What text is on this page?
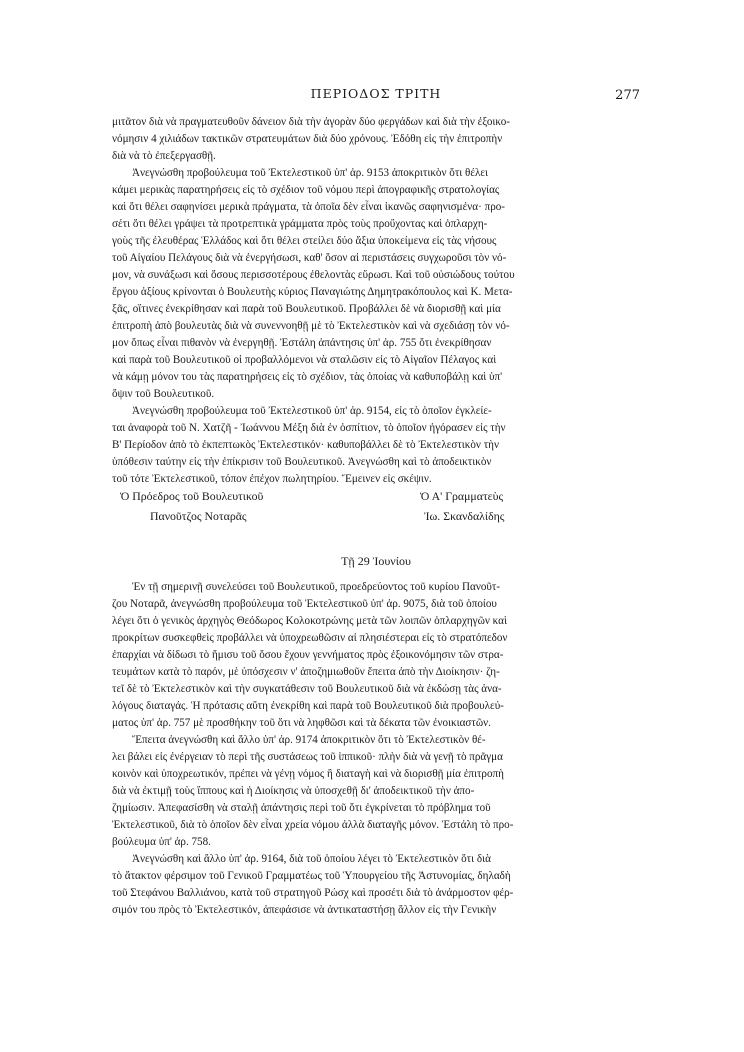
ΠΕΡΙΟΔΟΣ ΤΡΙΤΗ	277
μιτᾶτον διὰ νὰ πραγματευθοῦν δάνειον διὰ τὴν ἀγορὰν δύο φεργάδων καὶ διὰ τὴν ἐξοικο-
νόμησιν 4 χιλιάδων τακτικῶν στρατευμάτων διὰ δύο χρόνους. Ἐδόθη εἰς τὴν ἐπιτροπὴν
διὰ νὰ τὸ ἐπεξεργασθῇ.
Ἀνεγνώσθη προβούλευμα τοῦ Ἐκτελεστικοῦ ὑπ' ἀρ. 9153 ἀποκριτικὸν ὅτι θέλει
κάμει μερικὰς παρατηρήσεις εἰς τὸ σχέδιον τοῦ νόμου περὶ ἀπογραφικῆς στρατολογίας
καὶ ὅτι θέλει σαφηνίσει μερικὰ πράγματα, τὰ ὁποῖα δὲν εἶναι ἱκανῶς σαφηνισμένα· προ-
σέτι ὅτι θέλει γράψει τὰ προτρεπτικὰ γράμματα πρὸς τοὺς προὔχοντας καὶ ὁπλαρχη-
γοὺς τῆς ἐλευθέρας Ἑλλάδος καὶ ὅτι θέλει στείλει δύο ἄξια ὑποκείμενα εἰς τὰς νήσους
τοῦ Αἰγαίου Πελάγους διὰ νὰ ἐνεργήσωσι, καθ' ὅσον αἱ περιστάσεις συγχωροῦσι τὸν νό-
μον, νὰ συνάξωσι καὶ ὅσους περισσοτέρους ἐθελοντὰς εὕρωσι. Καὶ τοῦ οὐσιώδους τούτου
ἔργου ἀξίους κρίνονται ὁ Βουλευτὴς κύριος Παναγιώτης Δημητρακόπουλος καὶ Κ. Μετα-
ξᾶς, οἵτινες ἐνεκρίθησαν καὶ παρὰ τοῦ Βουλευτικοῦ. Προβάλλει δὲ νὰ διορισθῇ καὶ μία
ἐπιτροπὴ ἀπὸ βουλευτὰς διὰ νὰ συνεννοηθῇ μὲ τὸ Ἐκτελεστικὸν καὶ νὰ σχεδιάσῃ τὸν νό-
μον ὅπως εἶναι πιθανὸν νὰ ἐνεργηθῇ. Ἐστάλη ἀπάντησις ὑπ' ἀρ. 755 ὅτι ἐνεκρίθησαν
καὶ παρὰ τοῦ Βουλευτικοῦ οἱ προβαλλόμενοι νὰ σταλῶσιν εἰς τὸ Αἰγαῖον Πέλαγος καὶ
νὰ κάμῃ μόνον του τὰς παρατηρήσεις εἰς τὸ σχέδιον, τὰς ὁποίας νὰ καθυποβάλῃ καὶ ὑπ'
ὄψιν τοῦ Βουλευτικοῦ.
Ἀνεγνώσθη προβούλευμα τοῦ Ἐκτελεστικοῦ ὑπ' ἀρ. 9154, εἰς τὸ ὁποῖον ἐγκλείε-
ται ἀναφορὰ τοῦ Ν. Χατζῆ - Ἰωάννου Μέξη διὰ ἐν ὀσπίτιον, τὸ ὁποῖον ἠγόρασεν εἰς τὴν
Β' Περίοδον ἀπὸ τὸ ἐκπεπτωκὸς Ἐκτελεστικόν· καθυποβάλλει δὲ τὸ Ἐκτελεστικὸν τὴν
ὑπόθεσιν ταύτην εἰς τὴν ἐπίκρισιν τοῦ Βουλευτικοῦ. Ἀνεγνώσθη καὶ τὸ ἀποδεικτικὸν
τοῦ τότε Ἐκτελεστικοῦ, τόπον ἐπέχον πωλητηρίου. Ἔμεινεν εἰς σκέψιν.
Ὁ Πρόεδρος τοῦ Βουλευτικοῦ
Πανοῦτζος Νοταρᾶς
Ὁ Α' Γραμματεὺς
Ἰω. Σκανδαλίδης
Τῇ 29 Ἰουνίου
Ἐν τῇ σημερινῇ συνελεύσει τοῦ Βουλευτικοῦ, προεδρεύοντος τοῦ κυρίου Πανοῦτ-
ζου Νοταρᾶ, ἀνεγνώσθη προβούλευμα τοῦ Ἐκτελεστικοῦ ὑπ' ἀρ. 9075, διὰ τοῦ ὁποίου
λέγει ὅτι ὁ γενικὸς ἀρχηγὸς Θεόδωρος Κολοκοτρώνης μετὰ τῶν λοιπῶν ὁπλαρχηγῶν καὶ
προκρίτων συσκεφθεὶς προβάλλει νὰ ὑποχρεωθῶσιν αἱ πλησιέστεραι εἰς τὸ στρατόπεδον
ἐπαρχίαι νὰ δίδωσι τὸ ἥμισυ τοῦ ὅσου ἔχουν γεννήματος πρὸς ἐξοικονόμησιν τῶν στρα-
τευμάτων κατὰ τὸ παρόν, μὲ ὑπόσχεσιν ν' ἀποζημιωθοῦν ἔπειτα ἀπὸ τὴν Διοίκησιν· ζη-
τεῖ δὲ τὸ Ἐκτελεστικὸν καὶ τὴν συγκατάθεσιν τοῦ Βουλευτικοῦ διὰ νὰ ἐκδώσῃ τὰς ἀνα-
λόγους διαταγάς. Ἡ πρότασις αὕτη ἐνεκρίθη καὶ παρὰ τοῦ Βουλευτικοῦ διὰ προβουλεύ-
ματος ὑπ' ἀρ. 757 μὲ προσθήκην τοῦ ὅτι νὰ ληφθῶσι καὶ τὰ δέκατα τῶν ἐνοικιαστῶν.
Ἔπειτα ἀνεγνώσθη καὶ ἄλλο ὑπ' ἀρ. 9174 ἀποκριτικὸν ὅτι τὸ Ἐκτελεστικὸν θέ-
λει βάλει εἰς ἐνέργειαν τὸ περὶ τῆς συστάσεως τοῦ ἱππικοῦ· πλὴν διὰ νὰ γενῇ τὸ πρᾶγμα
κοινὸν καὶ ὑποχρεωτικόν, πρέπει νὰ γένῃ νόμος ἢ διαταγὴ καὶ νὰ διορισθῇ μία ἐπιτροπὴ
διὰ νὰ ἐκτιμῇ τοὺς ἵππους καὶ ἡ Διοίκησις νὰ ὑποσχεθῇ δι' ἀποδεικτικοῦ τὴν ἀπο-
ζημίωσιν. Ἀπεφασίσθη νὰ σταλῇ ἀπάντησις περὶ τοῦ ὅτι ἐγκρίνεται τὸ πρόβλημα τοῦ
Ἐκτελεστικοῦ, διὰ τὸ ὁποῖον δὲν εἶναι χρεία νόμου ἀλλὰ διαταγῆς μόνον. Ἐστάλη τὸ προ-
βούλευμα ὑπ' ἀρ. 758.
Ἀνεγνώσθη καὶ ἄλλο ὑπ' ἀρ. 9164, διὰ τοῦ ὁποίου λέγει τὸ Ἐκτελεστικὸν ὅτι διὰ
τὸ ἄτακτον φέρσιμον τοῦ Γενικοῦ Γραμματέως τοῦ Ὑπουργείου τῆς Ἀστυνομίας, δηλαδὴ
τοῦ Στεφάνου Βαλλιάνου, κατὰ τοῦ στρατηγοῦ Ρώσχ καὶ προσέτι διὰ τὸ ἀνάρμοστον φέρ-
σιμόν του πρὸς τὸ Ἐκτελεστικόν, ἀπεφάσισε νὰ ἀντικαταστήσῃ ἄλλον εἰς τὴν Γενικὴν
